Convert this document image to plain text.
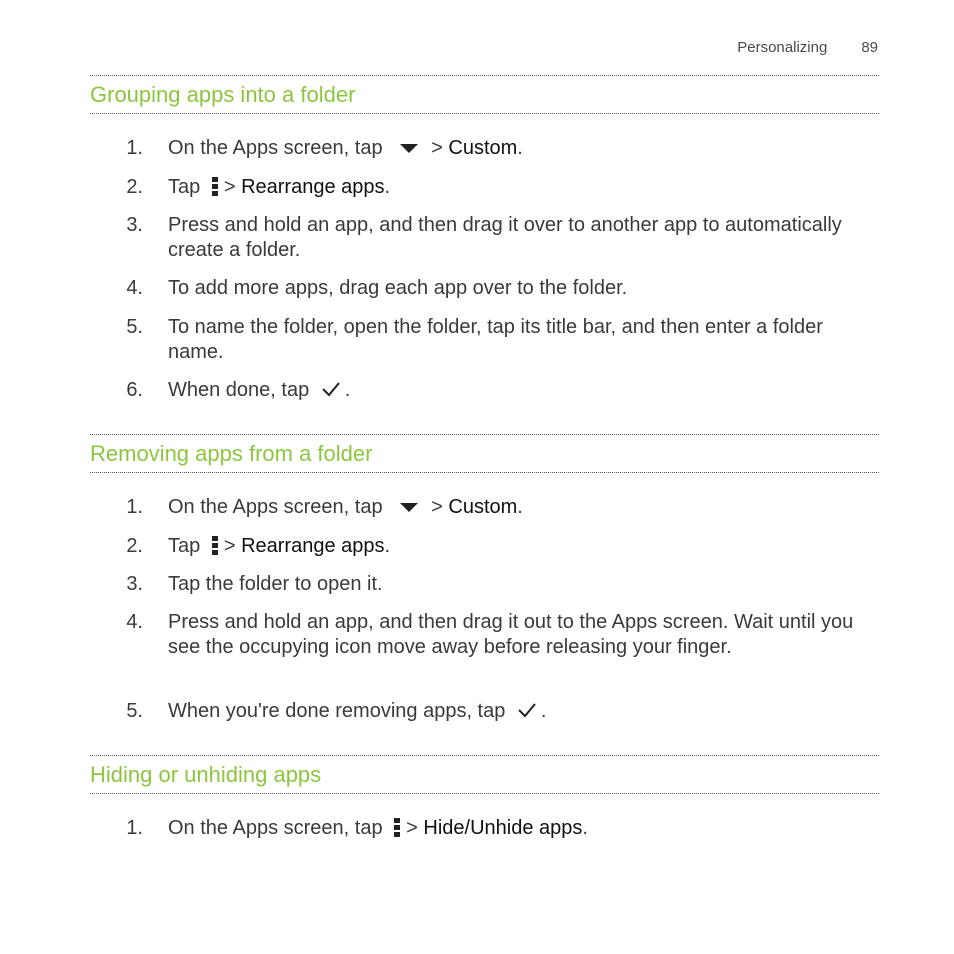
Personalizing 89
Grouping apps into a folder
1. On the Apps screen, tap > Custom.
2. Tap
> Rearrange apps.
3. Press and hold an app, and then drag it over to another app to automatically create a folder.
4. To add more apps, drag each app over to the folder.
5. To name the folder, open the folder, tap its title bar, and then enter a folder name.
6. When done, tap .
Removing apps from a folder
1. On the Apps screen, tap > Custom.
2. Tap
> Rearrange apps.
3. Tap the folder to open it.
4. Press and hold an app, and then drag it out to the Apps screen. Wait until you see the occupying icon move away before releasing your finger.
5. When you're done removing apps, tap .
Hiding or unhiding apps
1. On the Apps screen, tap
> Hide/Unhide apps.
